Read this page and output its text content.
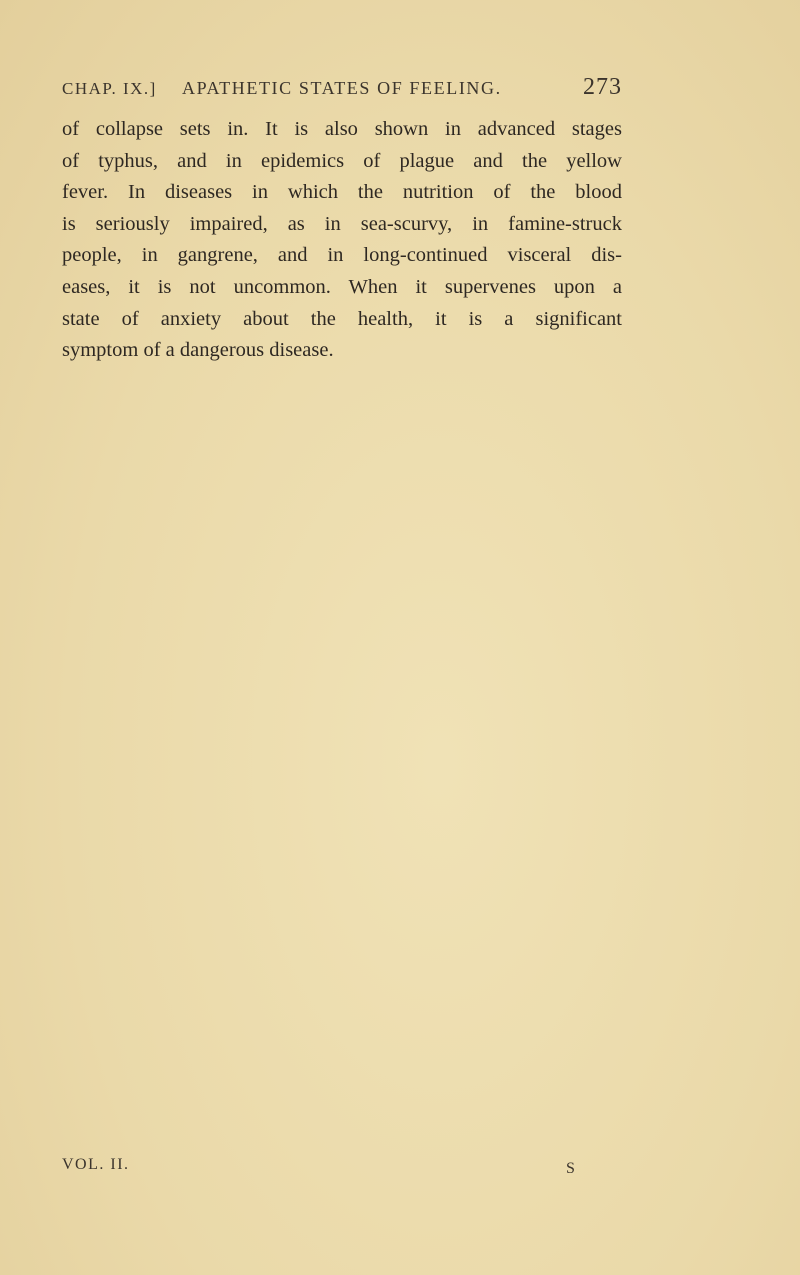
CHAP. IX.] APATHETIC STATES OF FEELING.	273
of collapse sets in. It is also shown in advanced stages
of typhus, and in epidemics of plague and the yellow
fever. In diseases in which the nutrition of the blood
is seriously impaired, as in sea-scurvy, in famine-struck
people, in gangrene, and in long-continued visceral dis-
eases, it is not uncommon. When it supervenes upon a
state of anxiety about the health, it is a significant
symptom of a dangerous disease.
VOL. II.	S
